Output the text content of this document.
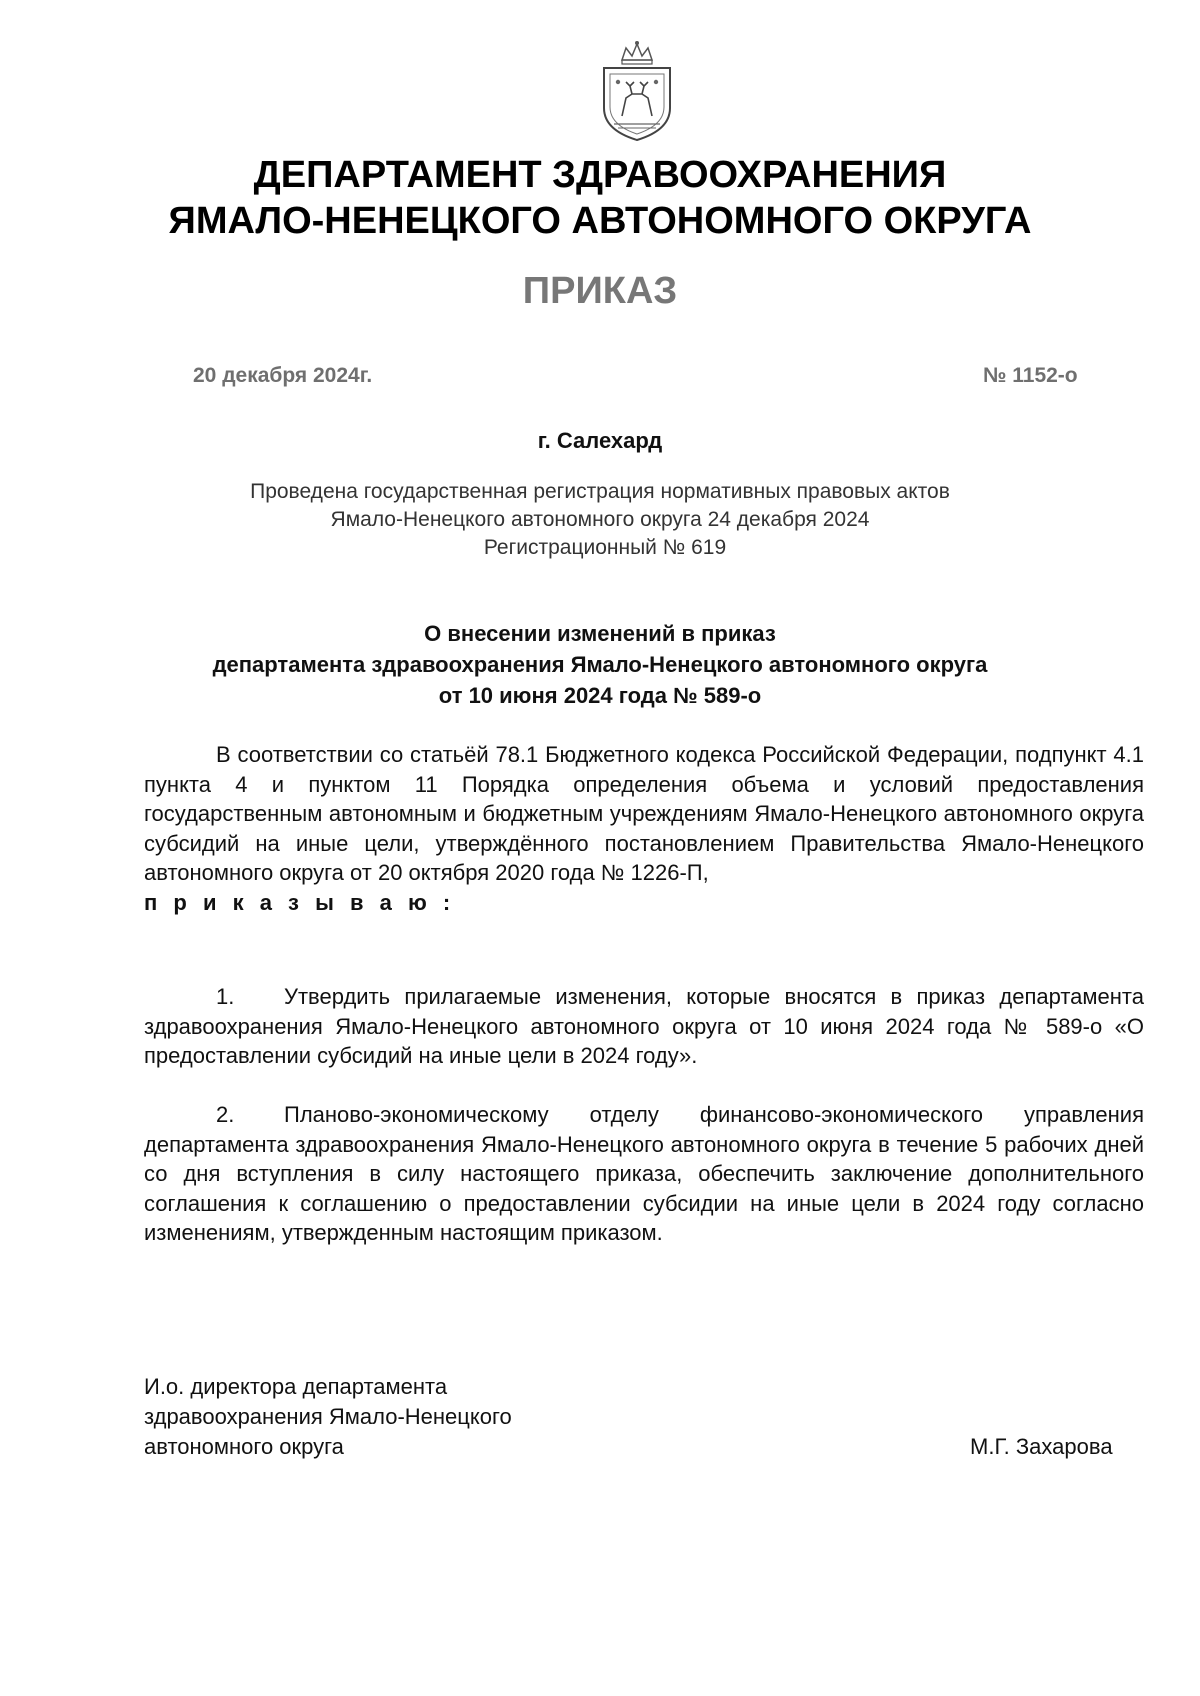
ДЕПАРТАМЕНТ ЗДРАВООХРАНЕНИЯ
ЯМАЛО-НЕНЕЦКОГО АВТОНОМНОГО ОКРУГА
ПРИКАЗ
20 декабря 2024г.	№ 1152-о
г. Салехард
Проведена государственная регистрация нормативных правовых актов
Ямало-Ненецкого автономного округа 24 декабря 2024
Регистрационный № 619
О внесении изменений в приказ
департамента здравоохранения Ямало-Ненецкого автономного округа
от 10 июня 2024 года № 589-о
В соответствии со статьёй 78.1 Бюджетного кодекса Российской Федерации, подпункт 4.1 пункта 4 и пунктом 11 Порядка определения объема и условий предоставления государственным автономным и бюджетным учреждениям Ямало-Ненецкого автономного округа субсидий на иные цели, утверждённого постановлением Правительства Ямало-Ненецкого автономного округа от 20 октября 2020 года № 1226-П,
п р и к а з ы в а ю :
1. Утвердить прилагаемые изменения, которые вносятся в приказ департамента здравоохранения Ямало-Ненецкого автономного округа от 10 июня 2024 года № 589-о «О предоставлении субсидий на иные цели в 2024 году».
2. Планово-экономическому отделу финансово-экономического управления департамента здравоохранения Ямало-Ненецкого автономного округа в течение 5 рабочих дней со дня вступления в силу настоящего приказа, обеспечить заключение дополнительного соглашения к соглашению о предоставлении субсидии на иные цели в 2024 году согласно изменениям, утвержденным настоящим приказом.
И.о. директора департамента
здравоохранения Ямало-Ненецкого
автономного округа	М.Г. Захарова
